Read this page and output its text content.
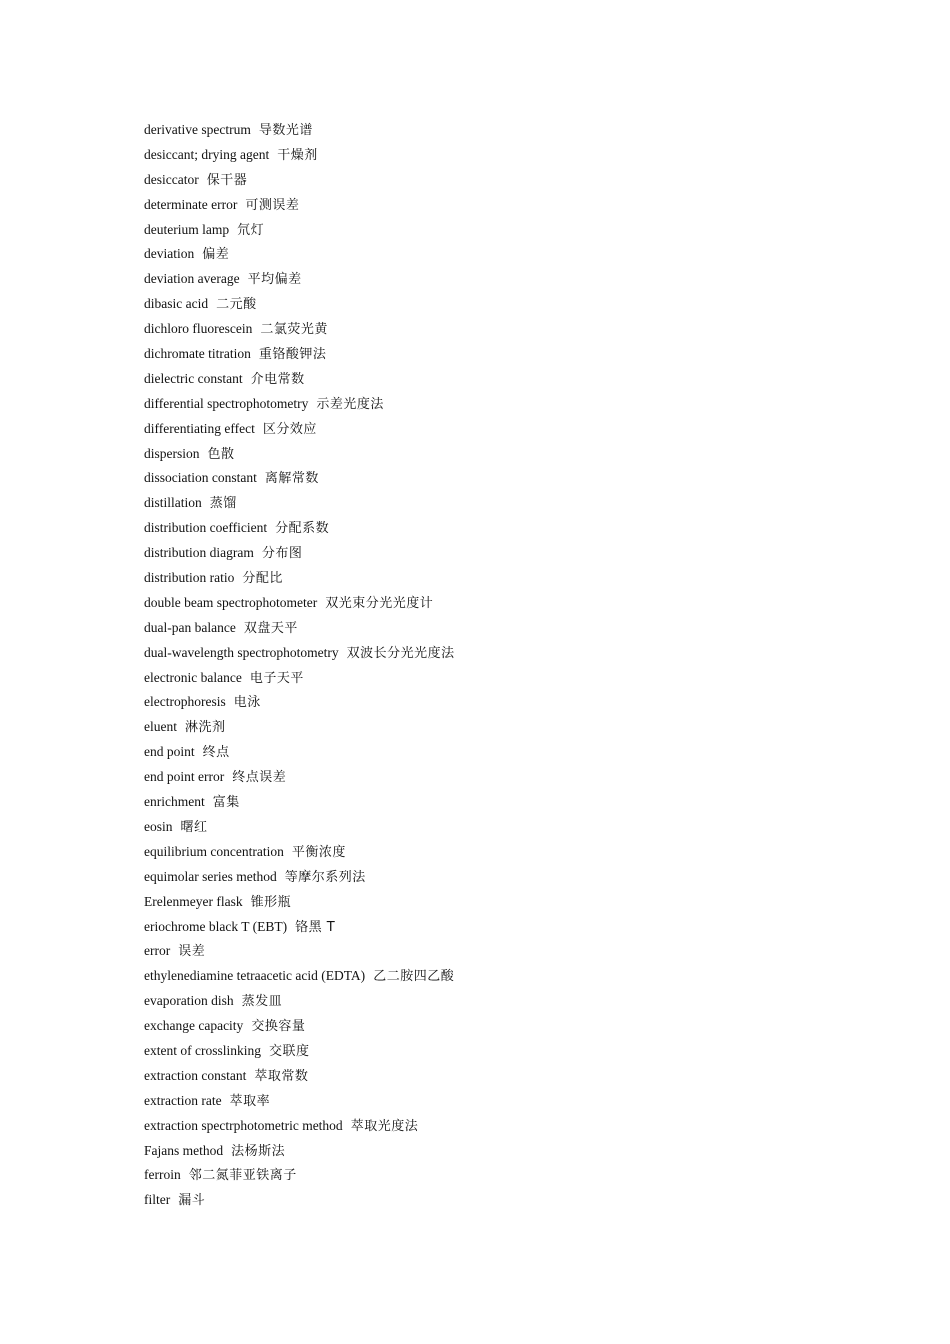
derivative spectrum 导数光谱
desiccant; drying agent 干燥剂
desiccator 保干器
determinate error 可测误差
deuterium lamp 氘灯
deviation 偏差
deviation average 平均偏差
dibasic acid 二元酸
dichloro fluorescein 二氯荧光黄
dichromate titration 重铬酸钾法
dielectric constant 介电常数
differential spectrophotometry 示差光度法
differentiating effect 区分效应
dispersion 色散
dissociation constant 离解常数
distillation 蒸馏
distribution coefficient 分配系数
distribution diagram 分布图
distribution ratio 分配比
double beam spectrophotometer 双光束分光光度计
dual-pan balance 双盘天平
dual-wavelength spectrophotometry 双波长分光光度法
electronic balance 电子天平
electrophoresis 电泳
eluent 淋洗剂
end point 终点
end point error 终点误差
enrichment 富集
eosin 曙红
equilibrium concentration 平衡浓度
equimolar series method 等摩尔系列法
Erelenmeyer flask 锥形瓶
eriochrome black T (EBT) 铬黑 T
error 误差
ethylenediamine tetraacetic acid (EDTA) 乙二胺四乙酸
evaporation dish 蒸发皿
exchange capacity 交换容量
extent of crosslinking 交联度
extraction constant 萃取常数
extraction rate 萃取率
extraction spectrphotometric method 萃取光度法
Fajans method 法杨斯法
ferroin 邻二氮菲亚铁离子
filter 漏斗
